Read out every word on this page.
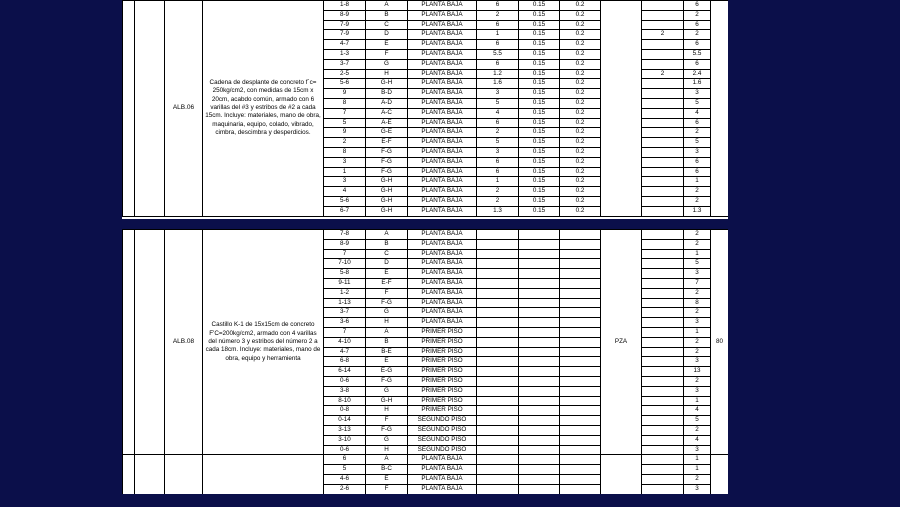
		ALB.06	Cadena de desplante de concreto f´c= 250kg/cm2, con medidas de 15cm x 20cm, acabdo común, armado con 6 varillas del #3 y estribos de #2 a cada 15cm. Incluye: materiales, mano de obra, maquinaria, equipo, colado, vibrado, cimbra, descimbra y desperdicios.	1-8	A	PLANTA BAJA	6	0.15	0.2			6	
				8-9	B	PLANTA BAJA	2	0.15	0.2			2	
				7-9	C	PLANTA BAJA	6	0.15	0.2			6	
				7-9	D	PLANTA BAJA	1	0.15	0.2		2	2	
				4-7	E	PLANTA BAJA	6	0.15	0.2			6	
				1-3	F	PLANTA BAJA	5.5	0.15	0.2			5.5	
				3-7	G	PLANTA BAJA	6	0.15	0.2			6	
				2-5	H	PLANTA BAJA	1.2	0.15	0.2		2	2.4	
				5-6	G-H	PLANTA BAJA	1.6	0.15	0.2			1.6	
				9	B-D	PLANTA BAJA	3	0.15	0.2			3	
				8	A-D	PLANTA BAJA	5	0.15	0.2			5	
				7	A-C	PLANTA BAJA	4	0.15	0.2			4	
				5	A-E	PLANTA BAJA	6	0.15	0.2			6	
				9	G-E	PLANTA BAJA	2	0.15	0.2			2	
				2	E-F	PLANTA BAJA	5	0.15	0.2			5	
				8	F-G	PLANTA BAJA	3	0.15	0.2			3	
				3	F-G	PLANTA BAJA	6	0.15	0.2			6	
				1	F-G	PLANTA BAJA	6	0.15	0.2			6	
				3	G-H	PLANTA BAJA	1	0.15	0.2			1	
				4	G-H	PLANTA BAJA	2	0.15	0.2			2	
				5-6	G-H	PLANTA BAJA	2	0.15	0.2			2	
				6-7	G-H	PLANTA BAJA	1.3	0.15	0.2			1.3	
		ALB.08	Castillo K-1 de 15x15cm de concreto F'C=200kg/cm2, armado con 4 varillas del número 3 y estribos del número 2 a cada 18cm. Incluye: materiales, mano de obra, equipo y herramienta	7-8	A	PLANTA BAJA				PZA		2	80
				8-9	B	PLANTA BAJA						2	
				7	C	PLANTA BAJA						1	
				7-10	D	PLANTA BAJA						5	
				5-8	E	PLANTA BAJA						3	
				9-11	E-F	PLANTA BAJA						7	
				1-2	F	PLANTA BAJA						2	
				1-13	F-G	PLANTA BAJA						8	
				3-7	G	PLANTA BAJA						2	
				3-6	H	PLANTA BAJA						3	
				7	A	PRIMER PISO						1	
				4-10	B	PRIMER PISO						2	
				4-7	B-E	PRIMER PISO						2	
				6-8	E	PRIMER PISO						3	
				6-14	E-G	PRIMER PISO						13	
				0-6	F-G	PRIMER PISO						2	
				3-8	G	PRIMER PISO						3	
				8-10	G-H	PRIMER PISO						1	
				0-8	H	PRIMER PISO						4	
				0-14	F	SEGUNDO PISO						5	
				3-13	F-G	SEGUNDO PISO						2	
				3-10	G	SEGUNDO PISO						4	
				0-6	H	SEGUNDO PISO						3	
				6	A	PLANTA BAJA						1	
				5	B-C	PLANTA BAJA						1	
				4-6	E	PLANTA BAJA						2	
				2-6	F	PLANTA BAJA						3	
